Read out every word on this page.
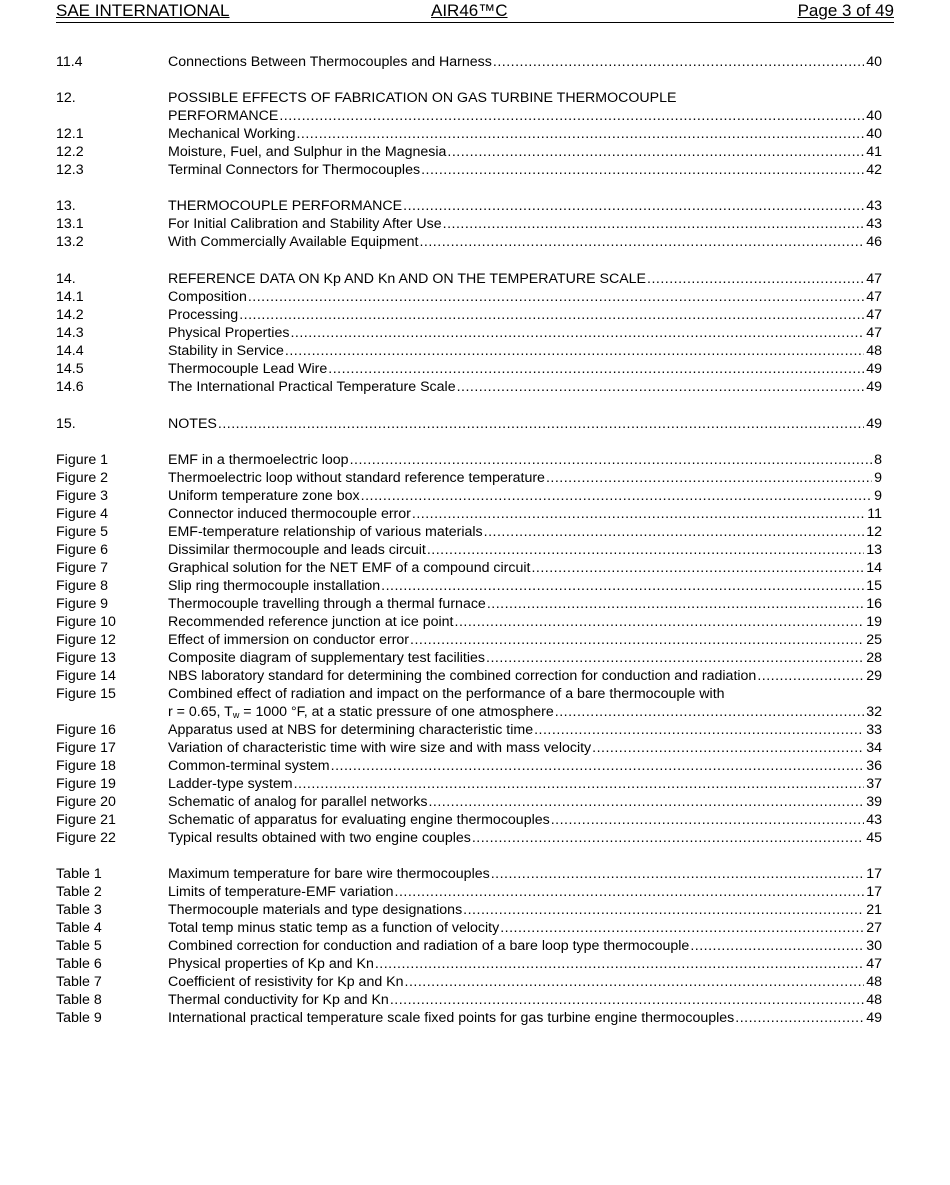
SAE INTERNATIONAL	AIR46™C	Page 3 of 49
11.4	Connections Between Thermocouples and Harness .....	40
12.	POSSIBLE EFFECTS OF FABRICATION ON GAS TURBINE THERMOCOUPLE
PERFORMANCE .....	40
12.1	Mechanical Working .....	40
12.2	Moisture, Fuel, and Sulphur in the Magnesia .....	41
12.3	Terminal Connectors for Thermocouples .....	42
13.	THERMOCOUPLE PERFORMANCE .....	43
13.1	For Initial Calibration and Stability After Use .....	43
13.2	With Commercially Available Equipment .....	46
14.	REFERENCE DATA ON Kp AND Kn AND ON THE TEMPERATURE SCALE .....	47
14.1	Composition .....	47
14.2	Processing .....	47
14.3	Physical Properties .....	47
14.4	Stability in Service .....	48
14.5	Thermocouple Lead Wire .....	49
14.6	The International Practical Temperature Scale .....	49
15.	NOTES .....	49
Figure 1	EMF in a thermoelectric loop .....	8
Figure 2	Thermoelectric loop without standard reference temperature .....	9
Figure 3	Uniform temperature zone box .....	9
Figure 4	Connector induced thermocouple error .....	11
Figure 5	EMF-temperature relationship of various materials .....	12
Figure 6	Dissimilar thermocouple and leads circuit .....	13
Figure 7	Graphical solution for the NET EMF of a compound circuit .....	14
Figure 8	Slip ring thermocouple installation .....	15
Figure 9	Thermocouple travelling through a thermal furnace .....	16
Figure 10	Recommended reference junction at ice point .....	19
Figure 12	Effect of immersion on conductor error .....	25
Figure 13	Composite diagram of supplementary test facilities .....	28
Figure 14	NBS laboratory standard for determining the combined correction for conduction and radiation .....	29
Figure 15	Combined effect of radiation and impact on the performance of a bare thermocouple with
r = 0.65, $T_w = 1000$ °F, at a static pressure of one atmosphere .....	32
Figure 16	Apparatus used at NBS for determining characteristic time .....	33
Figure 17	Variation of characteristic time with wire size and with mass velocity .....	34
Figure 18	Common-terminal system .....	36
Figure 19	Ladder-type system .....	37
Figure 20	Schematic of analog for parallel networks .....	39
Figure 21	Schematic of apparatus for evaluating engine thermocouples .....	43
Figure 22	Typical results obtained with two engine couples .....	45
Table 1	Maximum temperature for bare wire thermocouples .....	17
Table 2	Limits of temperature-EMF variation .....	17
Table 3	Thermocouple materials and type designations .....	21
Table 4	Total temp minus static temp as a function of velocity .....	27
Table 5	Combined correction for conduction and radiation of a bare loop type thermocouple .....	30
Table 6	Physical properties of Kp and Kn .....	47
Table 7	Coefficient of resistivity for Kp and Kn .....	48
Table 8	Thermal conductivity for Kp and Kn .....	48
Table 9	International practical temperature scale fixed points for gas turbine engine thermocouples .....	49
